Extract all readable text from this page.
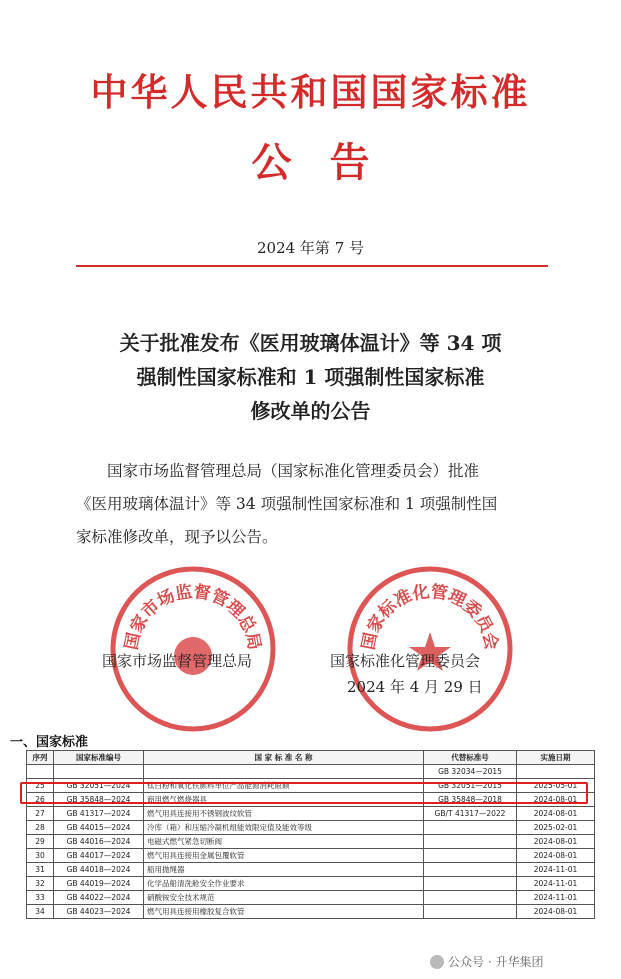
中华人民共和国国家标准
公告
2024 年第 7 号
关于批准发布《医用玻璃体温计》等 34 项
强制性国家标准和 1 项强制性国家标准
修改单的公告
国家市场监督管理总局（国家标准化管理委员会）批准
《医用玻璃体温计》等 34 项强制性国家标准和 1 项强制性国
家标准修改单，现予以公告。
国家市场监督管理总局	国家标准化管理委员会
国家市场监督管理总局	国家标准化管理委员会
2024 年 4 月 29 日
一、国家标准
序列	国家标准编号	国 家 标 准 名 称	代替标准号	实施日期
			GB 32034—2015	
25	GB 32051—2024	钛白粉和氧化铁颜料单位产品能源消耗限额	GB 32051—2015	2025-05-01
26	GB 35848—2024	商用燃气燃烧器具	GB 35848—2018	2024-08-01
27	GB 41317—2024	燃气用具连接用不锈钢波纹软管	GB/T 41317—2022	2024-08-01
28	GB 44015—2024	冷库（箱）和压缩冷凝机组能效限定值及能效等级		2025-02-01
29	GB 44016—2024	电磁式燃气紧急切断阀		2024-08-01
30	GB 44017—2024	燃气用具连接用金属包覆软管		2024-08-01
31	GB 44018—2024	船用抛绳器		2024-11-01
32	GB 44019—2024	化学品船清洗舱安全作业要求		2024-11-01
33	GB 44022—2024	硝酸铵安全技术规范		2024-11-01
34	GB 44023—2024	燃气用具连接用橡胶复合软管		2024-08-01
公众号 · 升华集团
